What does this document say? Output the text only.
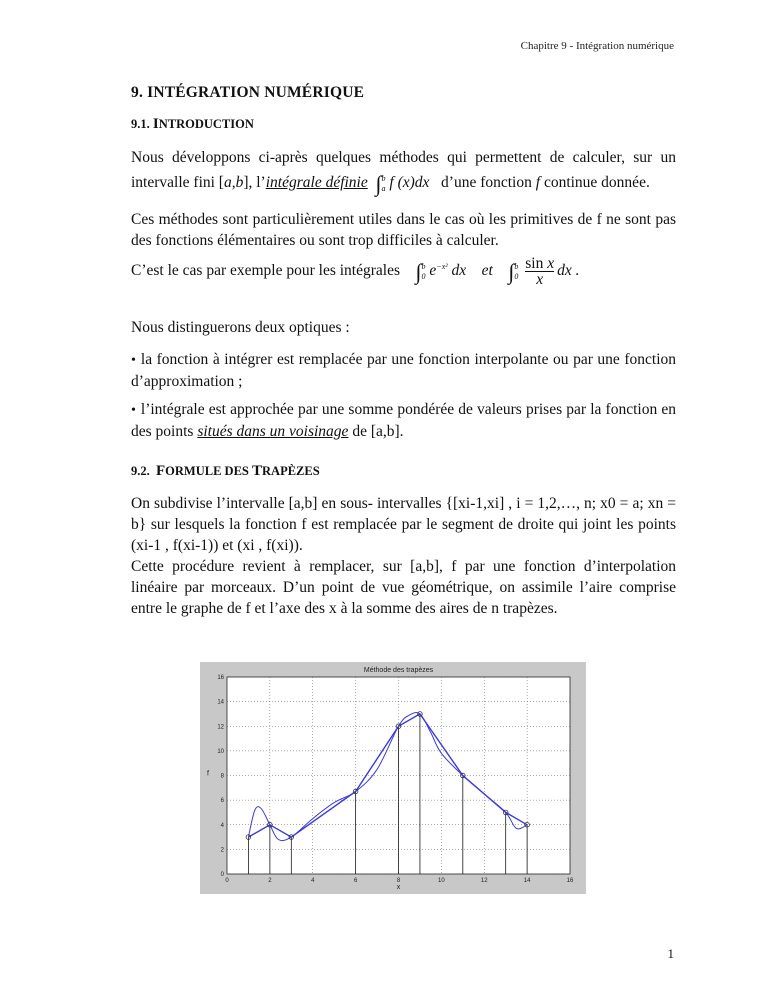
Chapitre 9 - Intégration numérique
9. INTÉGRATION NUMÉRIQUE
9.1. INTRODUCTION
Nous développons ci-après quelques méthodes qui permettent de calculer, sur un intervalle fini [a,b], l’intégrale définie ∫$^b_a$ f (x)dx d’une fonction f continue donnée.
Ces méthodes sont particulièrement utiles dans le cas où les primitives de f ne sont pas des fonctions élémentaires ou sont trop difficiles à calculer.
C’est le cas par exemple pour les intégrales ∫$^b_0$ $e^{-x^2}$ dx et $\int^b_0 \frac{\text{sin x}}{x}$ dx .
Nous distinguerons deux optiques :
• la fonction à intégrer est remplacée par une fonction interpolante ou par une fonction d’approximation ;
• l’intégrale est approchée par une somme pondérée de valeurs prises par la fonction en des points situés dans un voisinage de [a,b].
9.2. FORMULE DES TRAPÈZES
On subdivise l’intervalle [a,b] en sous- intervalles {[xi-1,xi] , i = 1,2,…, n; x0 = a; xn = b} sur lesquels la fonction f est remplacée par le segment de droite qui joint les points (xi-1 , f(xi-1)) et (xi , f(xi)).
Cette procédure revient à remplacer, sur [a,b], f par une fonction d’interpolation linéaire par morceaux. D’un point de vue géométrique, on assimile l’aire comprise entre le graphe de f et l’axe des x à la somme des aires de n trapèzes.
0	2	4	6	8	10	12	14	16
0
2
4
6
8
10
12
14
16
Méthode des trapèzes
x
f
1
